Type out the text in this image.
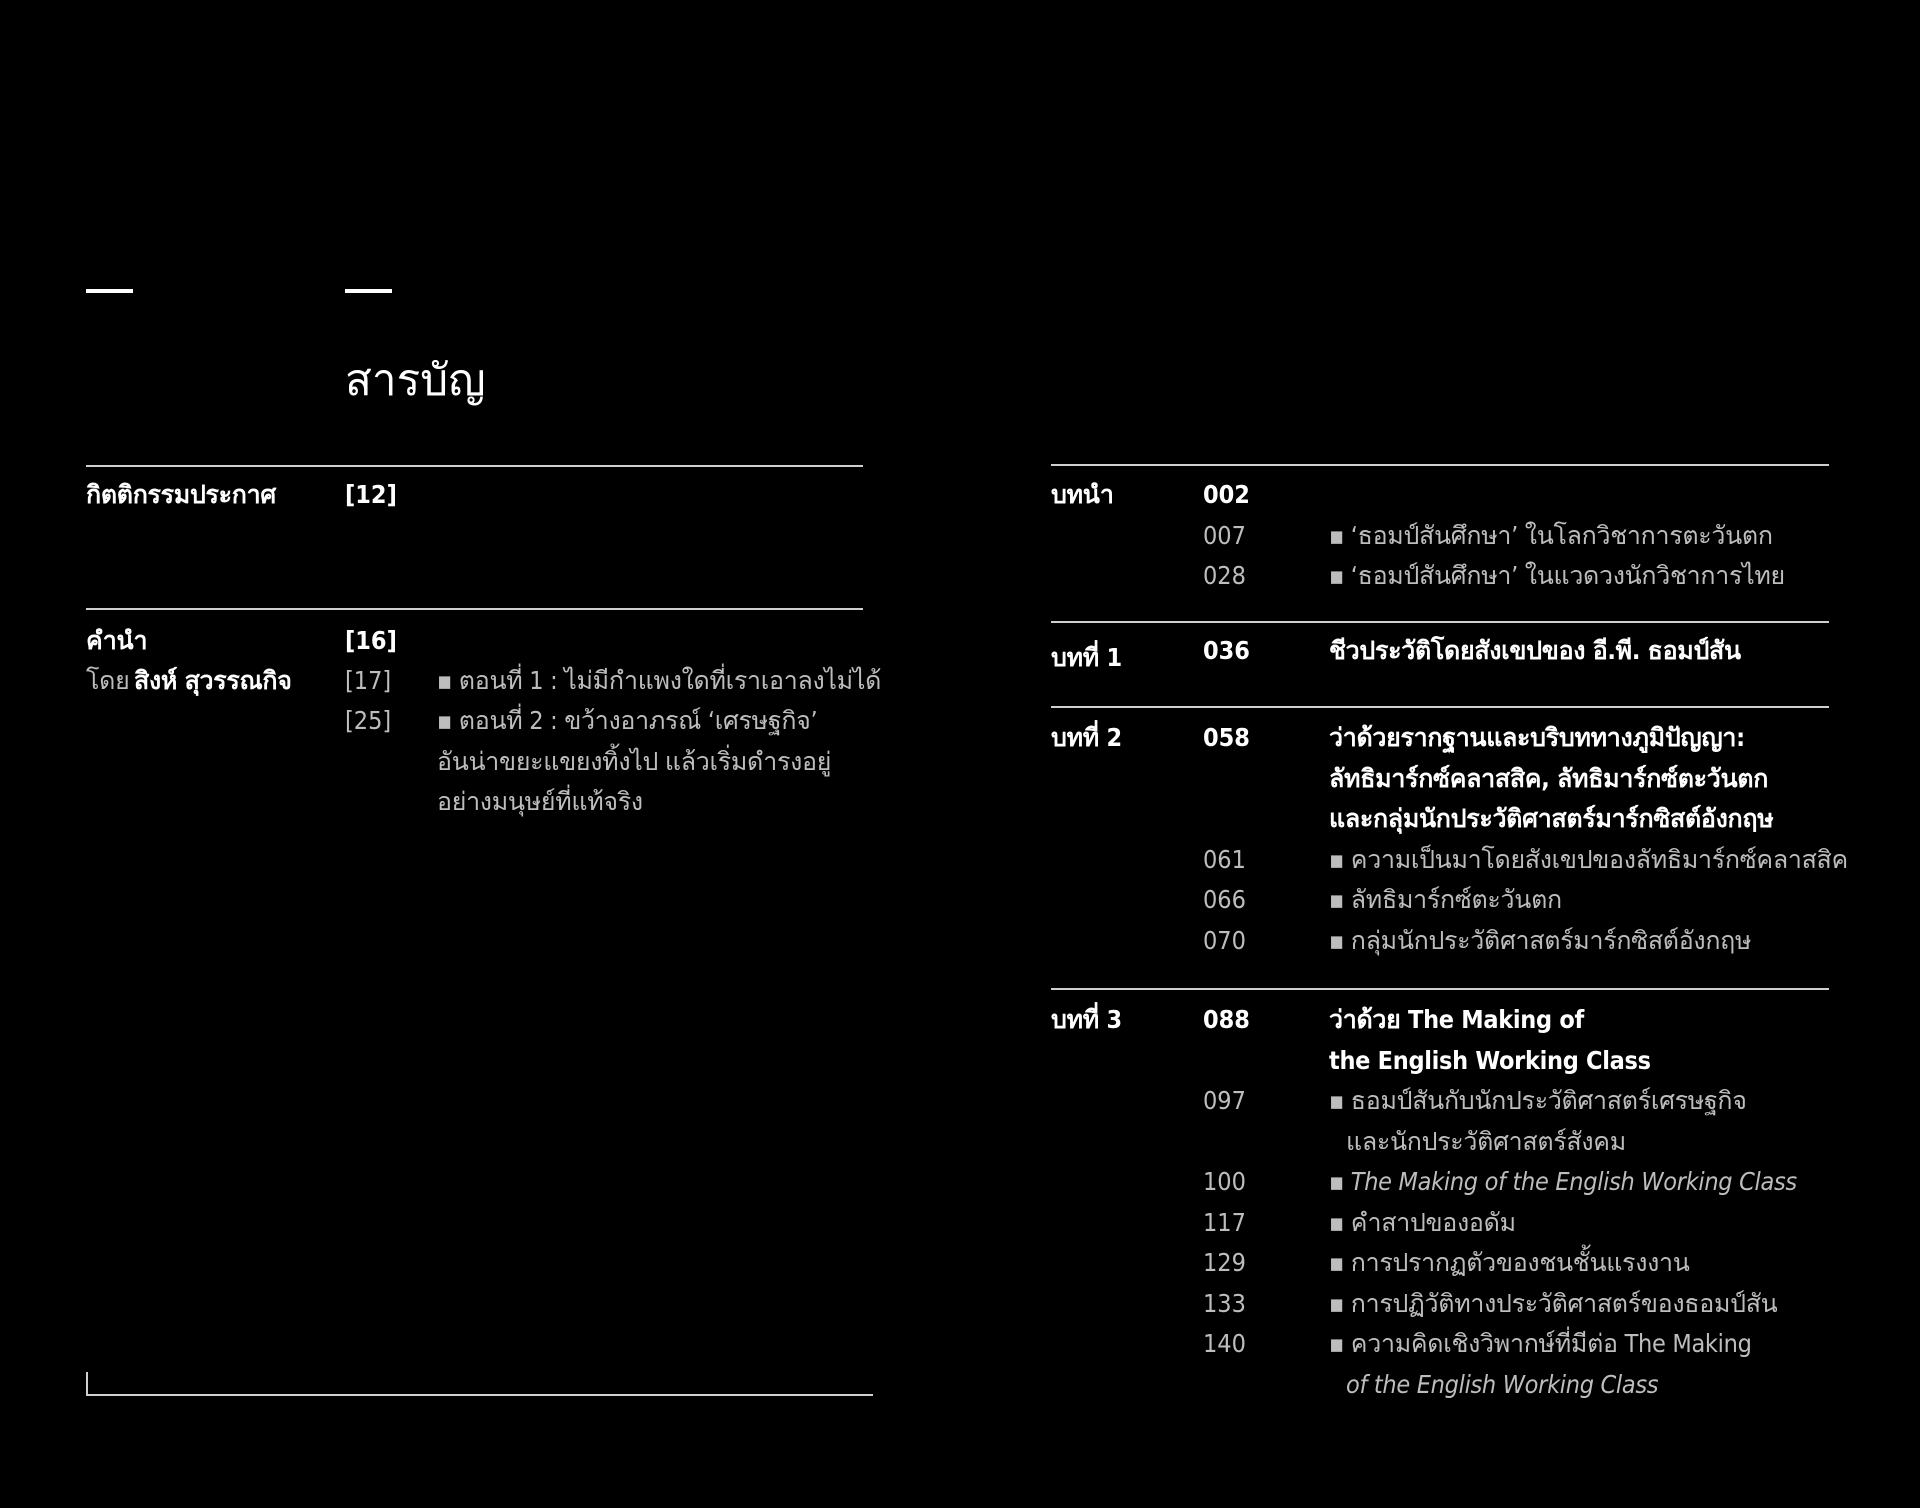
สารบัญ
กิตติกรรมประกาศ	[12]
คำนำ	[16]
โดย สิงห์ สุวรรณกิจ [17] ▪ ตอนที่ 1 : ไม่มีกำแพงใดที่เราเอาลงไม่ได้
[25] ▪ ตอนที่ 2 : ขว้างอาภรณ์ ‘เศรษฐกิจ’
อันน่าขยะแขยงทิ้งไป แล้วเริ่มดำรงอยู่
อย่างมนุษย์ที่แท้จริง
บทนำ	002
007	▪ ‘ธอมป์สันศึกษา’ ในโลกวิชาการตะวันตก
028	▪ ‘ธอมป์สันศึกษา’ ในแวดวงนักวิชาการไทย
บทที่ 1	036	ชีวประวัติโดยสังเขปของ อี.พี. ธอมป์สัน
บทที่ 2	058	ว่าด้วยรากฐานและบริบททางภูมิปัญญา:
ลัทธิมาร์กซ์คลาสสิค, ลัทธิมาร์กซ์ตะวันตก
และกลุ่มนักประวัติศาสตร์มาร์กซิสต์อังกฤษ
061	▪ ความเป็นมาโดยสังเขปของลัทธิมาร์กซ์คลาสสิค
066	▪ ลัทธิมาร์กซ์ตะวันตก
070	▪ กลุ่มนักประวัติศาสตร์มาร์กซิสต์อังกฤษ
บทที่ 3	088	ว่าด้วย The Making of
the English Working Class
097	▪ ธอมป์สันกับนักประวัติศาสตร์เศรษฐกิจ
และนักประวัติศาสตร์สังคม
100	▪ The Making of the English Working Class
117	▪ คำสาปของอดัม
129	▪ การปรากฏตัวของชนชั้นแรงงาน
133	▪ การปฏิวัติทางประวัติศาสตร์ของธอมป์สัน
140	▪ ความคิดเชิงวิพากษ์ที่มีต่อ The Making
of the English Working Class
